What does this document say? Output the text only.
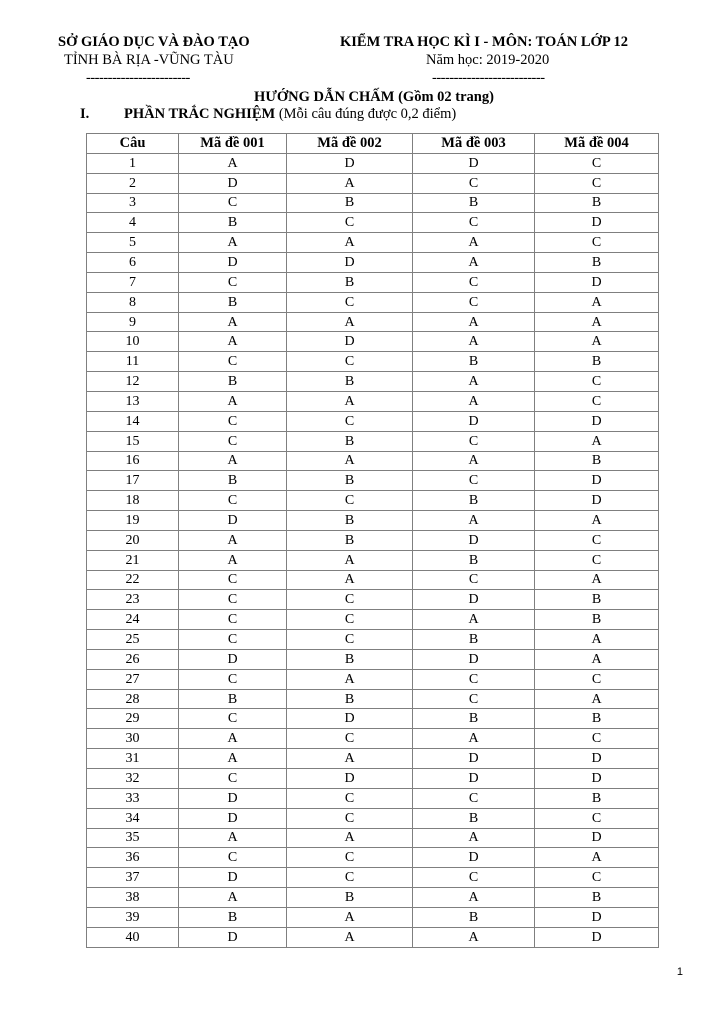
SỞ GIÁO DỤC VÀ ĐÀO TẠO
TỈNH BÀ RỊA -VŨNG TÀU
------------------------
KIỂM TRA HỌC KÌ I - MÔN: TOÁN LỚP 12
Năm học: 2019-2020
--------------------------
HƯỚNG DẪN CHẤM (Gồm 02 trang)
I. PHẦN TRẮC NGHIỆM (Mỗi câu đúng được 0,2 điểm)
Câu	Mã đề 001	Mã đề 002	Mã đề 003	Mã đề 004
1	A	D	D	C
2	D	A	C	C
3	C	B	B	B
4	B	C	C	D
5	A	A	A	C
6	D	D	A	B
7	C	B	C	D
8	B	C	C	A
9	A	A	A	A
10	A	D	A	A
11	C	C	B	B
12	B	B	A	C
13	A	A	A	C
14	C	C	D	D
15	C	B	C	A
16	A	A	A	B
17	B	B	C	D
18	C	C	B	D
19	D	B	A	A
20	A	B	D	C
21	A	A	B	C
22	C	A	C	A
23	C	C	D	B
24	C	C	A	B
25	C	C	B	A
26	D	B	D	A
27	C	A	C	C
28	B	B	C	A
29	C	D	B	B
30	A	C	A	C
31	A	A	D	D
32	C	D	D	D
33	D	C	C	B
34	D	C	B	C
35	A	A	A	D
36	C	C	D	A
37	D	C	C	C
38	A	B	A	B
39	B	A	B	D
40	D	A	A	D
1
